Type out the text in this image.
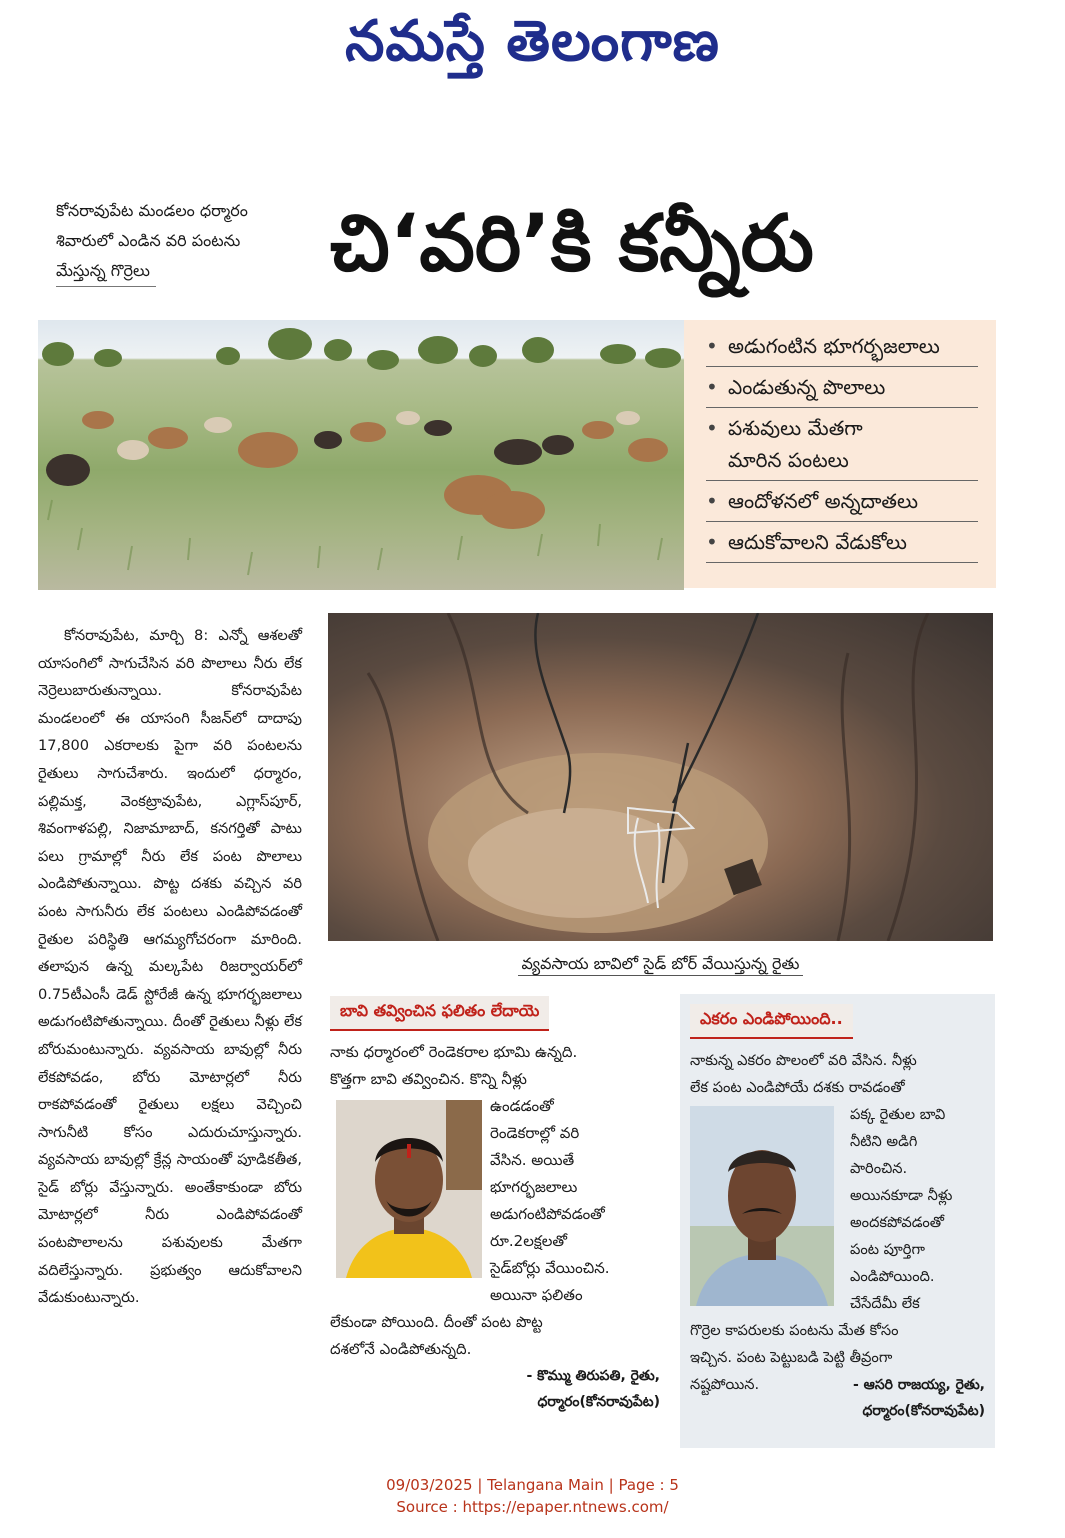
నమస్తే తెలంగాణ
కోనరావుపేట మండలం ధర్మారం
శివారులో ఎండిన వరి పంటను
మేస్తున్న గొర్రెలు	చి‘వరి’కి కన్నీరు
• అడుగంటిన భూగర్భజలాలు
• ఎండుతున్న పొలాలు
• పశువులు మేతగా
మారిన పంటలు
• ఆందోళనలో అన్నదాతలు
• ఆదుకోవాలని వేడుకోలు

కోనరావుపేట, మార్చి 8: ఎన్నో ఆశలతో యాసంగిలో సాగుచేసిన వరి పొలాలు నీరు లేక నెర్రెలుబారుతున్నాయి. కోనరావుపేట మండలంలో ఈ యాసంగి సీజన్‌లో దాదాపు 17,800 ఎకరాలకు పైగా వరి పంటలను రైతులు సాగుచేశారు. ఇందులో ధర్మారం, పల్లిమక్త, వెంకట్రావుపేట, ఎగ్లాస్‌పూర్, శివంగాళపల్లి, నిజామాబాద్, కనగర్తితో పాటు పలు గ్రామాల్లో నీరు లేక పంట పొలాలు ఎండిపోతున్నాయి. పొట్ట దశకు వచ్చిన వరి పంట సాగునీరు లేక పంటలు ఎండిపోవడంతో రైతుల పరిస్థితి ఆగమ్యగోచరంగా మారింది. తలాపున ఉన్న మల్కపేట రిజర్వాయర్‌లో 0.75టీఎంసీ డెడ్ స్టోరేజీ ఉన్న భూగర్భజలాలు అడుగంటిపోతున్నాయి. దీంతో రైతులు నీళ్లు లేక బోరుమంటున్నారు. వ్యవసాయ బావుల్లో నీరు లేకపోవడం, బోరు మోటార్లలో నీరు రాకపోవడంతో రైతులు లక్షలు వెచ్చించి సాగునీటి కోసం ఎదురుచూస్తున్నారు. వ్యవసాయ బావుల్లో క్రేన్ల సాయంతో పూడికతీత, సైడ్ బోర్లు వేస్తున్నారు. అంతేకాకుండా బోరు మోటార్లలో నీరు ఎండిపోవడంతో పంటపొలాలను పశువులకు మేతగా వదిలేస్తున్నారు. ప్రభుత్వం ఆదుకోవాలని వేడుకుంటున్నారు.

వ్యవసాయ బావిలో సైడ్ బోర్ వేయిస్తున్న రైతు
బావి తవ్వించిన ఫలితం లేదాయె
నాకు ధర్మారంలో రెండెకరాల భూమి ఉన్నది.
కొత్తగా బావి తవ్వించిన. కొన్ని నీళ్లు
ఉండడంతో
రెండెకరాల్లో వరి
వేసిన. అయితే
భూగర్భజలాలు
అడుగంటిపోవడంతో
రూ.2లక్షలతో
సైడ్‌బోర్లు వేయించిన.
అయినా ఫలితం
లేకుండా పోయింది. దీంతో పంట పొట్ట
దశలోనే ఎండిపోతున్నది.
- కొమ్ము తిరుపతి, రైతు,
ధర్మారం(కోనరావుపేట)
ఎకరం ఎండిపోయింది..
నాకున్న ఎకరం పొలంలో వరి వేసిన. నీళ్లు
లేక పంట ఎండిపోయే దశకు రావడంతో
పక్క రైతుల బావి
నీటిని అడిగి
పారించిన.
అయినకూడా నీళ్లు
అందకపోవడంతో
పంట పూర్తిగా
ఎండిపోయింది.
చేసేదేమీ లేక
గొర్రెల కాపరులకు పంటను మేత కోసం
ఇచ్చిన. పంట పెట్టుబడి పెట్టి తీవ్రంగా
నష్టపోయిన.	- ఆసరి రాజయ్య, రైతు,
ధర్మారం(కోనరావుపేట)
09/03/2025 | Telangana Main | Page : 5
Source : https://epaper.ntnews.com/
